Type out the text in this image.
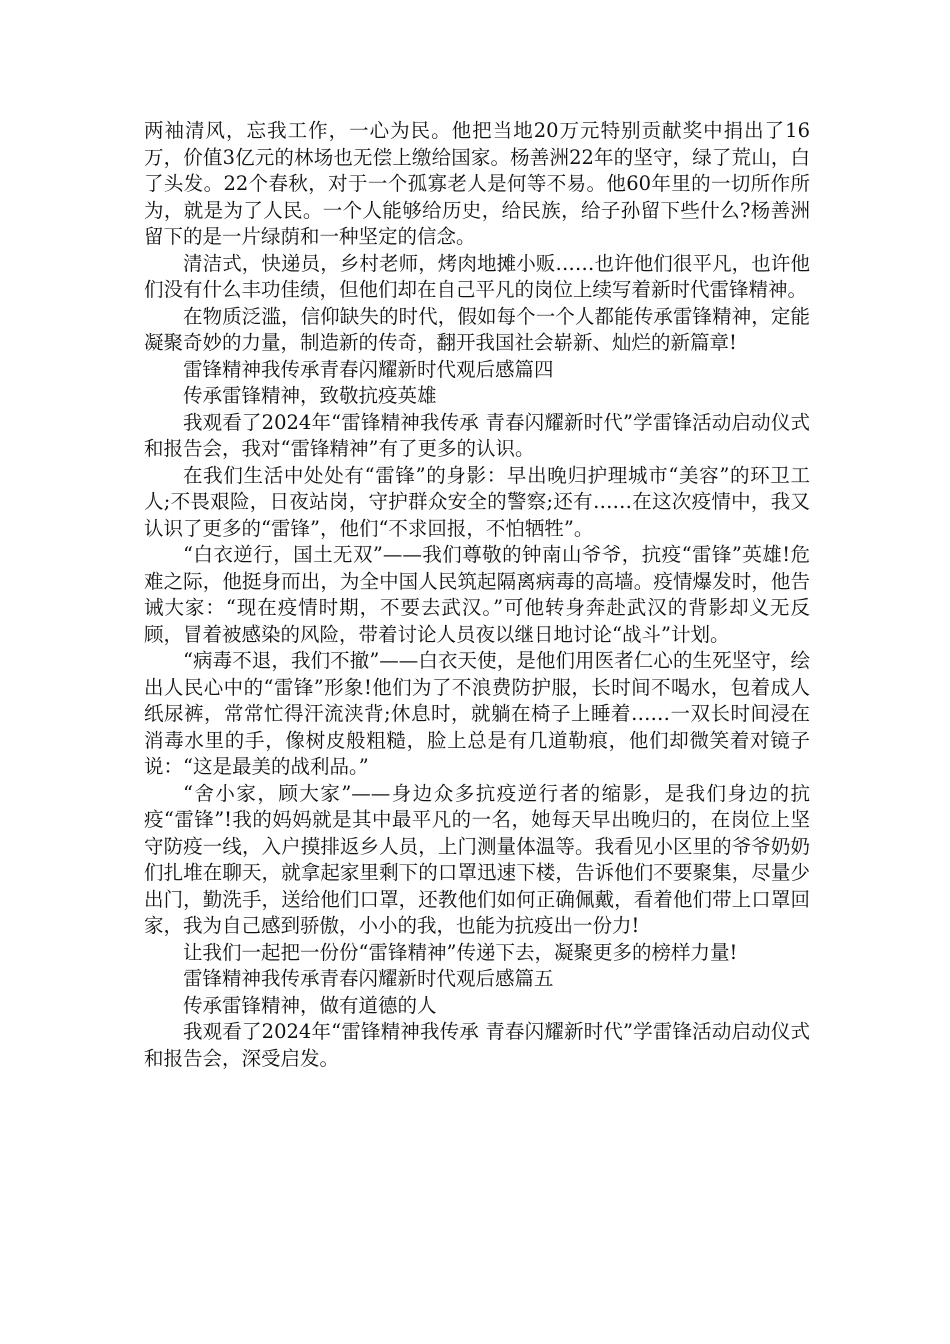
两袖清风，忘我工作，一心为民。他把当地20万元特别贡献奖中捐出了16万，价值3亿元的林场也无偿上缴给国家。杨善洲22年的坚守，绿了荒山，白了头发。22个春秋，对于一个孤寡老人是何等不易。他60年里的一切所作所为，就是为了人民。一个人能够给历史，给民族，给子孙留下些什么?杨善洲留下的是一片绿荫和一种坚定的信念。

清洁式，快递员，乡村老师，烤肉地摊小贩……也许他们很平凡，也许他们没有什么丰功佳绩，但他们却在自己平凡的岗位上续写着新时代雷锋精神。

在物质泛滥，信仰缺失的时代，假如每个一个人都能传承雷锋精神，定能凝聚奇妙的力量，制造新的传奇，翻开我国社会崭新、灿烂的新篇章!

雷锋精神我传承青春闪耀新时代观后感篇四

传承雷锋精神，致敬抗疫英雄

我观看了2024年“雷锋精神我传承 青春闪耀新时代”学雷锋活动启动仪式和报告会，我对“雷锋精神”有了更多的认识。

在我们生活中处处有“雷锋”的身影：早出晚归护理城市“美容”的环卫工人;不畏艰险，日夜站岗，守护群众安全的警察;还有……在这次疫情中，我又认识了更多的“雷锋”，他们“不求回报，不怕牺牲”。

“白衣逆行，国土无双”——我们尊敬的钟南山爷爷，抗疫“雷锋”英雄!危难之际，他挺身而出，为全中国人民筑起隔离病毒的高墙。疫情爆发时，他告诫大家：“现在疫情时期，不要去武汉。”可他转身奔赴武汉的背影却义无反顾，冒着被感染的风险，带着讨论人员夜以继日地讨论“战斗”计划。

“病毒不退，我们不撤”——白衣天使，是他们用医者仁心的生死坚守，绘出人民心中的“雷锋”形象!他们为了不浪费防护服，长时间不喝水，包着成人纸尿裤，常常忙得汗流浃背;休息时，就躺在椅子上睡着……一双长时间浸在消毒水里的手，像树皮般粗糙，脸上总是有几道勒痕，他们却微笑着对镜子说：“这是最美的战利品。”

“舍小家，顾大家”——身边众多抗疫逆行者的缩影，是我们身边的抗疫“雷锋”!我的妈妈就是其中最平凡的一名，她每天早出晚归的，在岗位上坚守防疫一线，入户摸排返乡人员，上门测量体温等。我看见小区里的爷爷奶奶们扎堆在聊天，就拿起家里剩下的口罩迅速下楼，告诉他们不要聚集，尽量少出门，勤洗手，送给他们口罩，还教他们如何正确佩戴，看着他们带上口罩回家，我为自己感到骄傲，小小的我，也能为抗疫出一份力!

让我们一起把一份份“雷锋精神”传递下去，凝聚更多的榜样力量!

雷锋精神我传承青春闪耀新时代观后感篇五

传承雷锋精神，做有道德的人

我观看了2024年“雷锋精神我传承 青春闪耀新时代”学雷锋活动启动仪式和报告会，深受启发。
